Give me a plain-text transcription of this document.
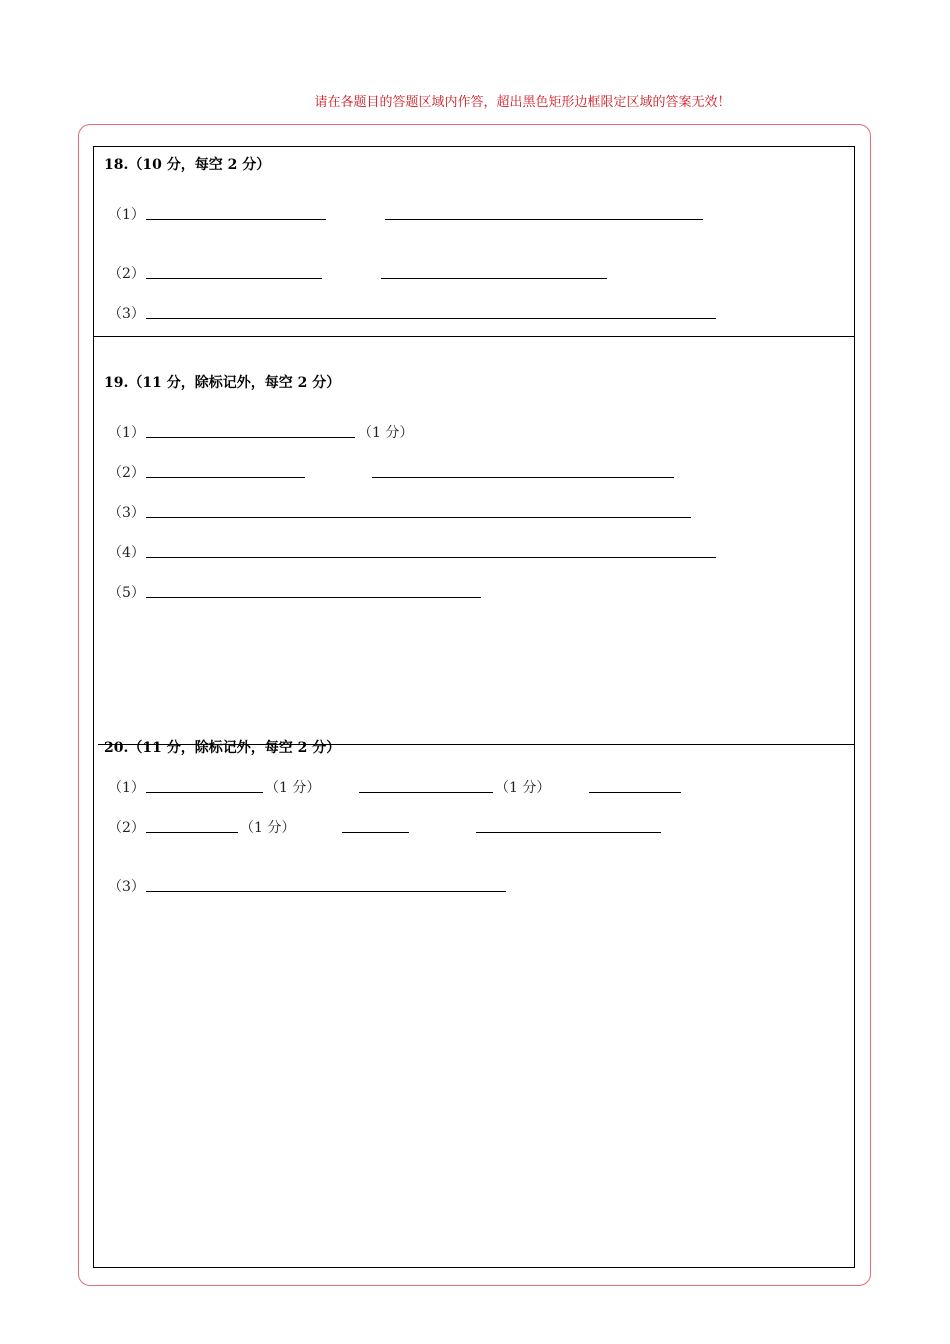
请在各题目的答题区域内作答，超出黑色矩形边框限定区域的答案无效！
18.（10 分，每空 2 分）
（1）
（2）
（3）
19.（11 分，除标记外，每空 2 分）
（1）	（1 分）
（2）
（3）
（4）
（5）
20.（11 分，除标记外，每空 2 分）
（1）	（1 分）	（1 分）
（2）	（1 分）
（3）
